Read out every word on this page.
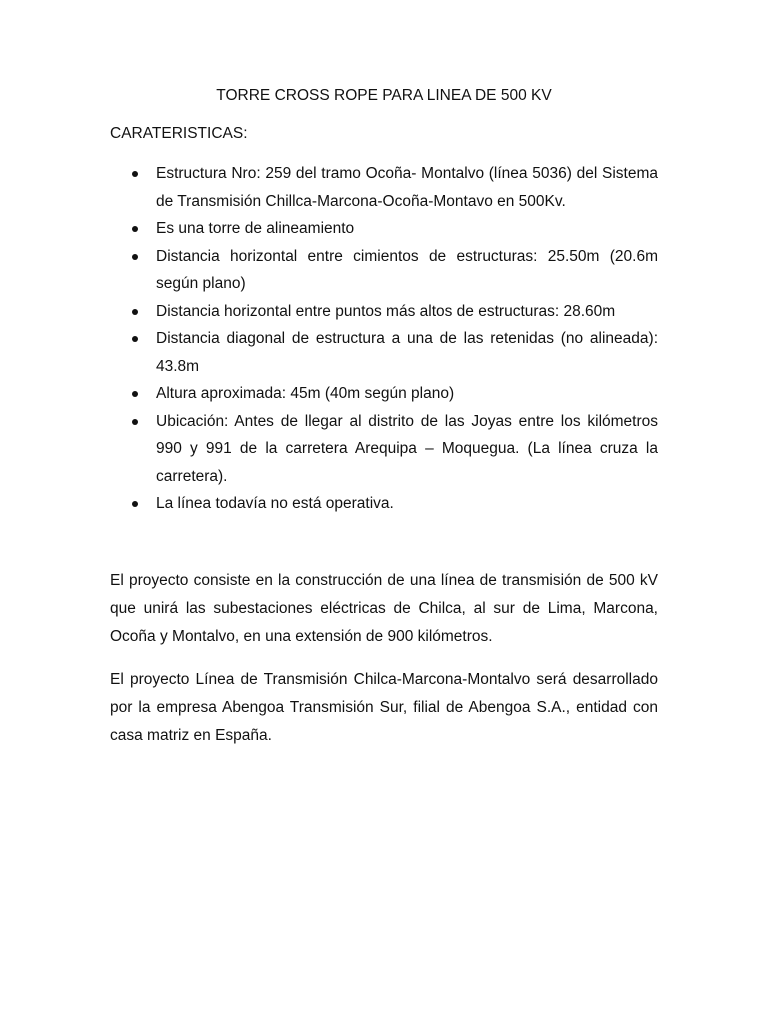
TORRE CROSS ROPE PARA LINEA DE 500 KV
CARATERISTICAS:
Estructura Nro: 259 del tramo Ocoña- Montalvo (línea 5036) del Sistema de Transmisión Chillca-Marcona-Ocoña-Montavo en 500Kv.
Es una torre de alineamiento
Distancia horizontal entre cimientos de estructuras: 25.50m (20.6m según plano)
Distancia horizontal entre puntos más altos de estructuras: 28.60m
Distancia diagonal de estructura a una de las retenidas (no alineada): 43.8m
Altura aproximada: 45m (40m según plano)
Ubicación: Antes de llegar al distrito de las Joyas entre los kilómetros 990 y 991 de la carretera Arequipa – Moquegua. (La línea cruza la carretera).
La línea todavía no está operativa.

El proyecto consiste en la construcción de una línea de transmisión de 500 kV que unirá las subestaciones eléctricas de Chilca, al sur de Lima, Marcona, Ocoña y Montalvo, en una extensión de 900 kilómetros.

El proyecto Línea de Transmisión Chilca-Marcona-Montalvo será desarrollado por la empresa Abengoa Transmisión Sur, filial de Abengoa S.A., entidad con casa matriz en España.
